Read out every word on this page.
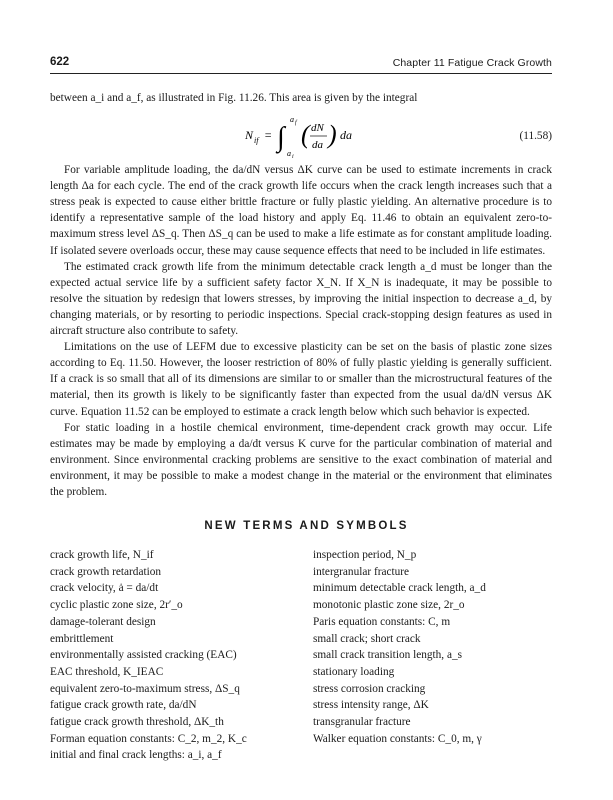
622	Chapter 11 Fatigue Crack Growth

between a_i and a_f, as illustrated in Fig. 11.26. This area is given by the integral

N if = ∫
a f
a i
( dN
da ) da	(11.58)

For variable amplitude loading, the da/dN versus ΔK curve can be used to estimate increments in crack length Δa for each cycle. The end of the crack growth life occurs when the crack length increases such that a stress peak is expected to cause either brittle fracture or fully plastic yielding. An alternative procedure is to identify a representative sample of the load history and apply Eq. 11.46 to obtain an equivalent zero-to-maximum stress level ΔS_q. Then ΔS_q can be used to make a life estimate as for constant amplitude loading. If isolated severe overloads occur, these may cause sequence effects that need to be included in life estimates.

The estimated crack growth life from the minimum detectable crack length a_d must be longer than the expected actual service life by a sufficient safety factor X_N. If X_N is inadequate, it may be possible to resolve the situation by redesign that lowers stresses, by improving the initial inspection to decrease a_d, by changing materials, or by resorting to periodic inspections. Special crack-stopping design features as used in aircraft structure also contribute to safety.

Limitations on the use of LEFM due to excessive plasticity can be set on the basis of plastic zone sizes according to Eq. 11.50. However, the looser restriction of 80% of fully plastic yielding is generally sufficient. If a crack is so small that all of its dimensions are similar to or smaller than the microstructural features of the material, then its growth is likely to be significantly faster than expected from the usual da/dN versus ΔK curve. Equation 11.52 can be employed to estimate a crack length below which such behavior is expected.

For static loading in a hostile chemical environment, time-dependent crack growth may occur. Life estimates may be made by employing a da/dt versus K curve for the particular combination of material and environment. Since environmental cracking problems are sensitive to the exact combination of material and environment, it may be possible to make a modest change in the material or the environment that eliminates the problem.

NEW TERMS AND SYMBOLS
crack growth life, N_if
crack growth retardation
crack velocity, ȧ = da/dt
cyclic plastic zone size, 2r′_o
damage-tolerant design
embrittlement
environmentally assisted cracking (EAC)
EAC threshold, K_IEAC
equivalent zero-to-maximum stress, ΔS_q
fatigue crack growth rate, da/dN
fatigue crack growth threshold, ΔK_th
Forman equation constants: C_2, m_2, K_c
initial and final crack lengths: a_i, a_f
inspection period, N_p
intergranular fracture
minimum detectable crack length, a_d
monotonic plastic zone size, 2r_o
Paris equation constants: C, m
small crack; short crack
small crack transition length, a_s
stationary loading
stress corrosion cracking
stress intensity range, ΔK
transgranular fracture
Walker equation constants: C_0, m, γ
